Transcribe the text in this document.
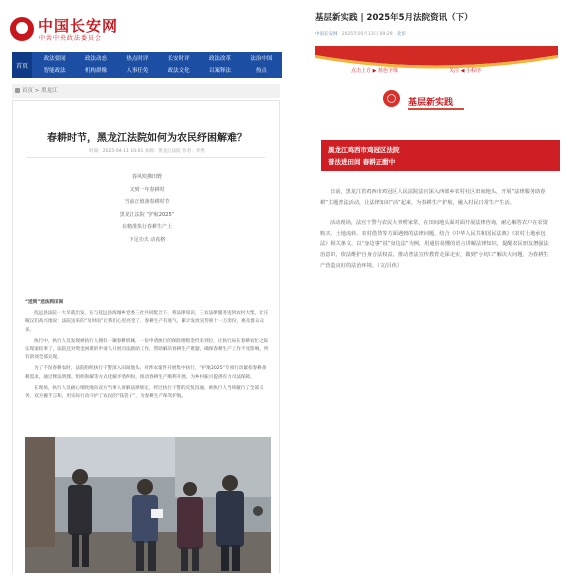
中国长安网
中共中央政法委员会
首页
政法要闻	政法动态	热点时评	长安时评	政法改革	法治中国
智能政法	机构群像	人事任免	政法文化	以案释法	热点
首页 > 黑龙江
春耕时节，黑龙江法院如何为农民纾困解难？
时间：2025-04-11 10:01 来源：黑龙江法院 作者：李然
春风吹拂田野
又到一年春耕时
当前正值备春耕时节
黑龙江法院 “护航2025”
在精准执行春耕生产上
下足功夫 动真格

“送到”送法到田间

抚远县法院一大早就出发，在与抚远县海城乡党委三社共同配合下，将法律知识、三农法律服务送到农村大集，让庄稼汉们高兴地说：法院送来的“及时雨”让我们心里亮堂了，春耕生产有底气，累计发放宣传册十一万余份，惠及群众众多。

执行中，执行人员发现被执行人拥有一辆春耕机械，一份申请执行的保险理赔金仍未到位，让执行局在春耕农忙之际实现案结事了，法院还对资金困难的申请人开展司法救助工作，帮助解决春耕生产难题，确保春耕生产工作不受影响，所有款项全部兑现。

为了不误春耕农时，法院组织执行干警深入田间地头，对涉农案件开展集中执行，“护航2025”专项行动紧扣春耕备耕需求，通过释法明理、组织和解等方式化解矛盾纠纷，推动春耕生产顺利开展，为乡村振兴提供有力司法保障。

在现场，执行人员耐心细致地向双方当事人讲解法律规定，经过执行干警的反复沟通，被执行人当场履行了全部义务，双方握手言和，用实际行动守护了农民的“钱袋子”，为春耕生产保驾护航。

基层新实践 | 2025年5月法院资讯（下）
中国长安网 2025年05月13日 09:29 北岸
点击上方 ▶ 蓝色字体	关注 ◀ 小程序
基层新实践
黑龙江鸡西市鸡冠区法院
普法进田间 春耕正酣中

日前，黑龙江省鸡西市鸡冠区人民法院法官深入西郊乡农村社区田间地头，开展“法律服务助春耕”主题普法活动，让法律知识“活”起来，为春耕生产护航，融入村民日常生产生活。

活动现场，法官干警与农民大爷唠家常，在田间地头面对面开展法律咨询，耐心解答农户在农资购买、土地流转、农村借贷等方面遇到的法律问题，结合《中华人民共和国民法典》《农村土地承包法》相关条文，以“身边事”说“身边法”为例，用通俗易懂的语言讲解法律知识，提醒农民朋友增强法治意识，依法维护自身合法权益，推动普法宣传教育走深走实，做到“小切口”解决大问题，为春耕生产营造良好的法治环境。（文/吕侠）
